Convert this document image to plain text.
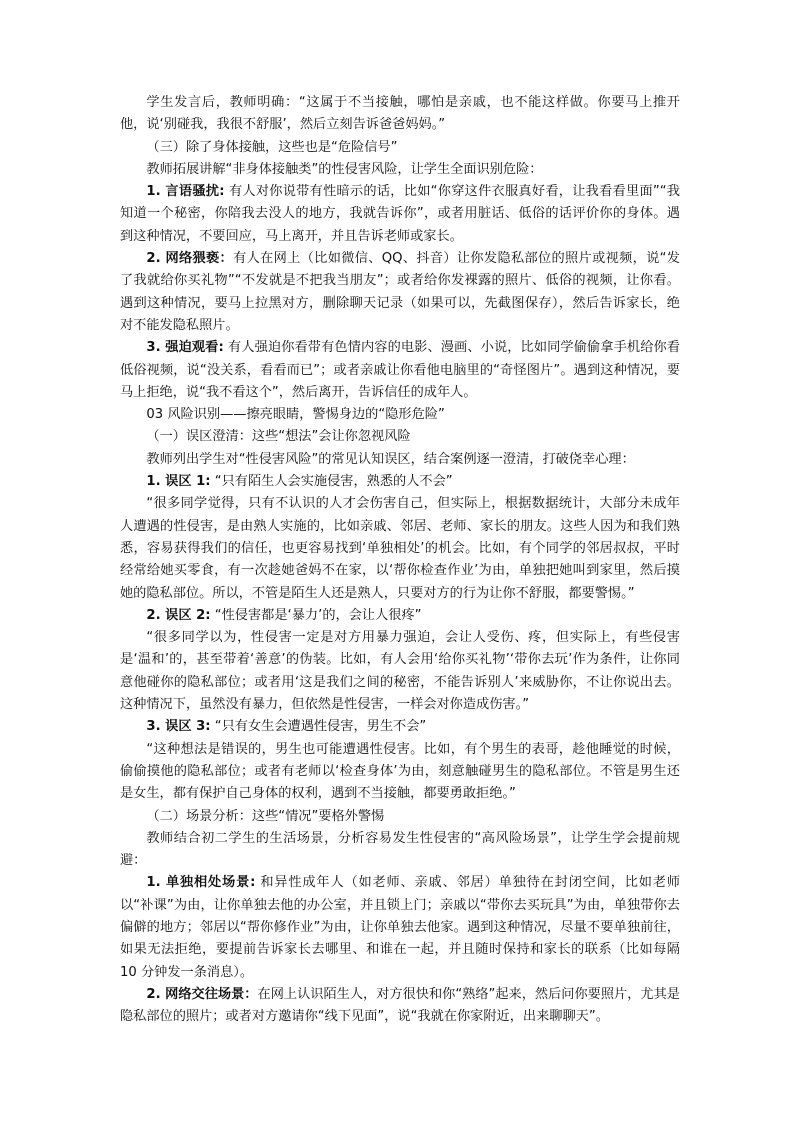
学生发言后，教师明确：“这属于不当接触，哪怕是亲戚，也不能这样做。你要马上推开他，说‘别碰我，我很不舒服’，然后立刻告诉爸爸妈妈。”

（三）除了身体接触，这些也是“危险信号”

教师拓展讲解“非身体接触类”的性侵害风险，让学生全面识别危险：

1. 言语骚扰: 有人对你说带有性暗示的话，比如“你穿这件衣服真好看，让我看看里面”“我知道一个秘密，你陪我去没人的地方，我就告诉你”，或者用脏话、低俗的话评价你的身体。遇到这种情况，不要回应，马上离开，并且告诉老师或家长。

2. 网络猥亵：有人在网上（比如微信、QQ、抖音）让你发隐私部位的照片或视频，说“发了我就给你买礼物”“不发就是不把我当朋友”；或者给你发裸露的照片、低俗的视频，让你看。遇到这种情况，要马上拉黑对方，删除聊天记录（如果可以，先截图保存），然后告诉家长，绝对不能发隐私照片。

3. 强迫观看: 有人强迫你看带有色情内容的电影、漫画、小说，比如同学偷偷拿手机给你看低俗视频，说“没关系，看看而已”；或者亲戚让你看他电脑里的“奇怪图片”。遇到这种情况，要马上拒绝，说“我不看这个”，然后离开，告诉信任的成年人。

03 风险识别——擦亮眼睛，警惕身边的“隐形危险”

（一）误区澄清：这些“想法”会让你忽视风险

教师列出学生对“性侵害风险”的常见认知误区，结合案例逐一澄清，打破侥幸心理：

1. 误区 1: “只有陌生人会实施侵害，熟悉的人不会”

“很多同学觉得，只有不认识的人才会伤害自己，但实际上，根据数据统计，大部分未成年人遭遇的性侵害，是由熟人实施的，比如亲戚、邻居、老师、家长的朋友。这些人因为和我们熟悉，容易获得我们的信任，也更容易找到‘单独相处’的机会。比如，有个同学的邻居叔叔，平时经常给她买零食，有一次趁她爸妈不在家，以‘帮你检查作业’为由，单独把她叫到家里，然后摸她的隐私部位。所以，不管是陌生人还是熟人，只要对方的行为让你不舒服，都要警惕。”

2. 误区 2: “性侵害都是‘暴力’的，会让人很疼”

“很多同学以为，性侵害一定是对方用暴力强迫，会让人受伤、疼，但实际上，有些侵害是‘温和’的，甚至带着‘善意’的伪装。比如，有人会用‘给你买礼物’‘带你去玩’作为条件，让你同意他碰你的隐私部位；或者用‘这是我们之间的秘密，不能告诉别人’来威胁你，不让你说出去。这种情况下，虽然没有暴力，但依然是性侵害，一样会对你造成伤害。”

3. 误区 3: “只有女生会遭遇性侵害，男生不会”

“这种想法是错误的，男生也可能遭遇性侵害。比如，有个男生的表哥，趁他睡觉的时候，偷偷摸他的隐私部位；或者有老师以‘检查身体’为由，刻意触碰男生的隐私部位。不管是男生还是女生，都有保护自己身体的权利，遇到不当接触，都要勇敢拒绝。”

（二）场景分析：这些“情况”要格外警惕

教师结合初二学生的生活场景，分析容易发生性侵害的“高风险场景”，让学生学会提前规避：

1. 单独相处场景: 和异性成年人（如老师、亲戚、邻居）单独待在封闭空间，比如老师以“补课”为由，让你单独去他的办公室，并且锁上门；亲戚以“带你去买玩具”为由，单独带你去偏僻的地方；邻居以“帮你修作业”为由，让你单独去他家。遇到这种情况，尽量不要单独前往，如果无法拒绝，要提前告诉家长去哪里、和谁在一起，并且随时保持和家长的联系（比如每隔 10 分钟发一条消息）。

2. 网络交往场景：在网上认识陌生人，对方很快和你“熟络”起来，然后问你要照片，尤其是隐私部位的照片；或者对方邀请你“线下见面”，说“我就在你家附近，出来聊聊天”。
